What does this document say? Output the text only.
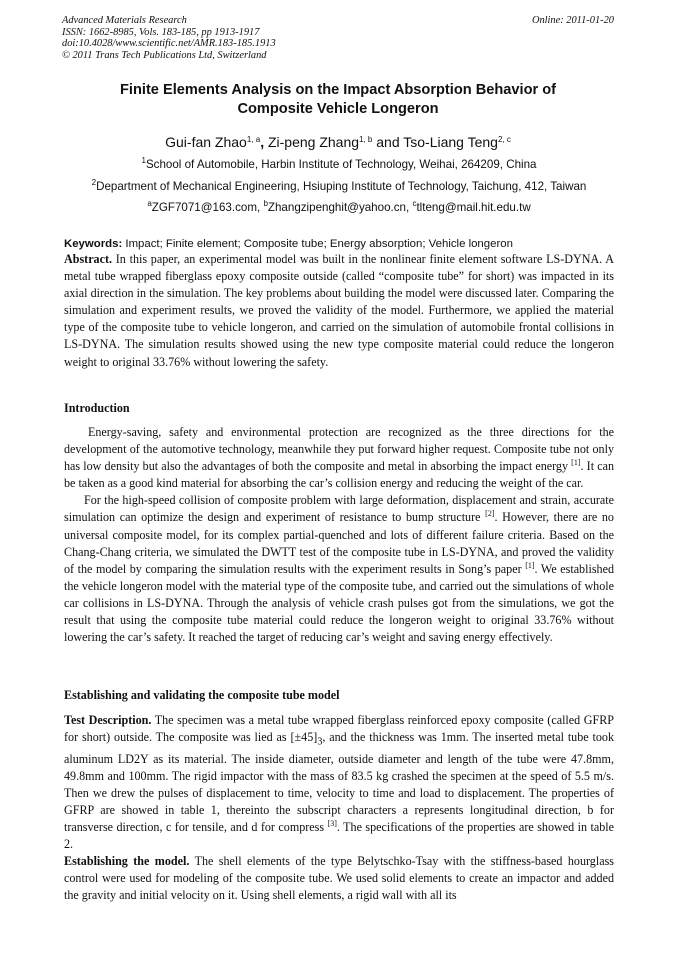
Advanced Materials Research
ISSN: 1662-8985, Vols. 183-185, pp 1913-1917
doi:10.4028/www.scientific.net/AMR.183-185.1913
© 2011 Trans Tech Publications Ltd, Switzerland
Online: 2011-01-20
Finite Elements Analysis on the Impact Absorption Behavior of
Composite Vehicle Longeron
Gui-fan Zhao$^{1, a}$, Zi-peng Zhang$^{1, b}$ and Tso-Liang Teng$^{2, c}$
$^1$School of Automobile, Harbin Institute of Technology, Weihai, 264209, China
$^2$Department of Mechanical Engineering, Hsiuping Institute of Technology, Taichung, 412, Taiwan
$^a$ZGF7071@163.com, $^b$Zhangzipenghit@yahoo.cn, $^c$tlteng@mail.hit.edu.tw
Keywords: Impact; Finite element; Composite tube; Energy absorption; Vehicle longeron

Abstract. In this paper, an experimental model was built in the nonlinear finite element software LS-DYNA. A metal tube wrapped fiberglass epoxy composite outside (called “composite tube” for short) was impacted in its axial direction in the simulation. The key problems about building the model were discussed later. Comparing the simulation and experiment results, we proved the validity of the model. Furthermore, we applied the material type of the composite tube to vehicle longeron, and carried on the simulation of automobile frontal collisions in LS-DYNA. The simulation results showed using the new type composite material could reduce the longeron weight to original 33.76% without lowering the safety.

Introduction

Energy-saving, safety and environmental protection are recognized as the three directions for the development of the automotive technology, meanwhile they put forward higher request. Composite tube not only has low density but also the advantages of both the composite and metal in absorbing the impact energy [1]. It can be taken as a good kind material for absorbing the car’s collision energy and reducing the weight of the car.

For the high-speed collision of composite problem with large deformation, displacement and strain, accurate simulation can optimize the design and experiment of resistance to bump structure [2]. However, there are no universal composite model, for its complex partial-quenched and lots of different failure criteria. Based on the Chang-Chang criteria, we simulated the DWTT test of the composite tube in LS-DYNA, and proved the validity of the model by comparing the simulation results with the experiment results in Song’s paper [1]. We established the vehicle longeron model with the material type of the composite tube, and carried out the simulations of whole car collisions in LS-DYNA. Through the analysis of vehicle crash pulses got from the simulations, we got the result that using the composite tube material could reduce the longeron weight to original 33.76% without lowering the car’s safety. It reached the target of reducing car’s weight and saving energy effectively.

Establishing and validating the composite tube model

Test Description. The specimen was a metal tube wrapped fiberglass reinforced epoxy composite (called GFRP for short) outside. The composite was lied as $[\pm 45]_3$, and the thickness was 1mm. The inserted metal tube took aluminum LD2Y as its material. The inside diameter, outside diameter and length of the tube were 47.8mm, 49.8mm and 100mm. The rigid impactor with the mass of 83.5 kg crashed the specimen at the speed of 5.5 m/s. Then we drew the pulses of displacement to time, velocity to time and load to displacement. The properties of GFRP are showed in table 1, thereinto the subscript characters a represents longitudinal direction, b for transverse direction, c for tensile, and d for compress [3]. The specifications of the properties are showed in table 2.

Establishing the model. The shell elements of the type Belytschko-Tsay with the stiffness-based hourglass control were used for modeling of the composite tube. We used solid elements to create an impactor and added the gravity and initial velocity on it. Using shell elements, a rigid wall with all its
